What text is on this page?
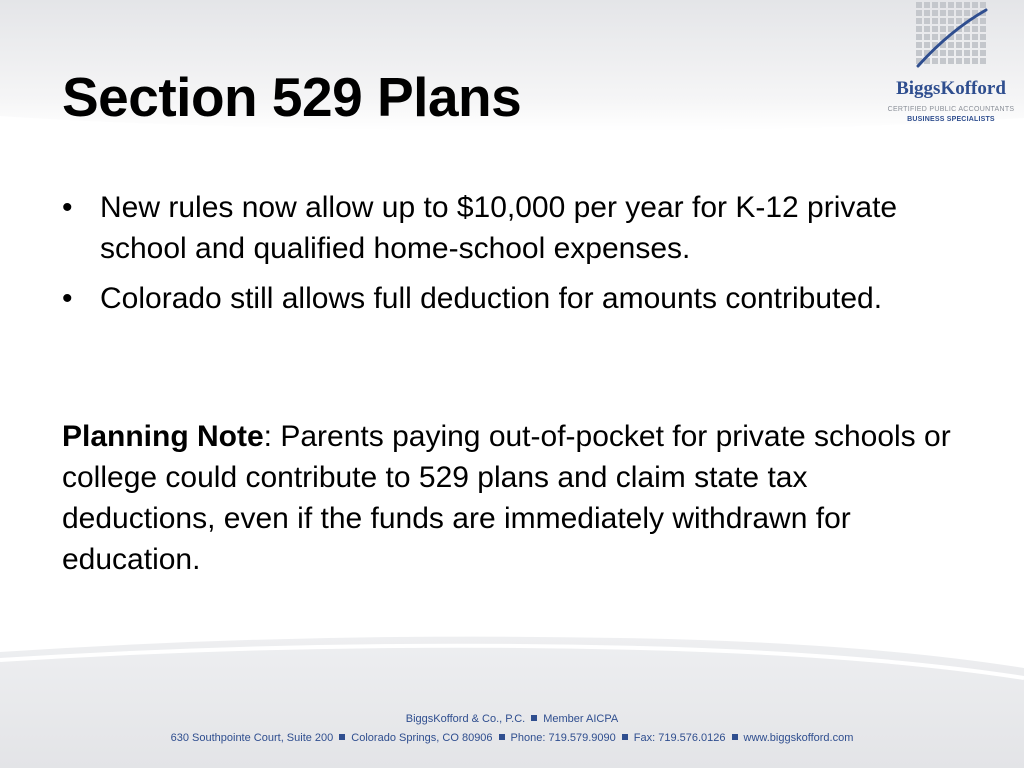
Section 529 Plans	BiggsKofford
CERTIFIED PUBLIC ACCOUNTANTS
BUSINESS SPECIALISTS
• New rules now allow up to $10,000 per year for K-12 private school and qualified home-school expenses.
• Colorado still allows full deduction for amounts contributed.

Planning Note: Parents paying out-of-pocket for private schools or college could contribute to 529 plans and claim state tax deductions, even if the funds are immediately withdrawn for education.

BiggsKofford & Co., P.C. Member AICPA
630 Southpointe Court, Suite 200 Colorado Springs, CO 80906 Phone: 719.579.9090 Fax: 719.576.0126 www.biggskofford.com
